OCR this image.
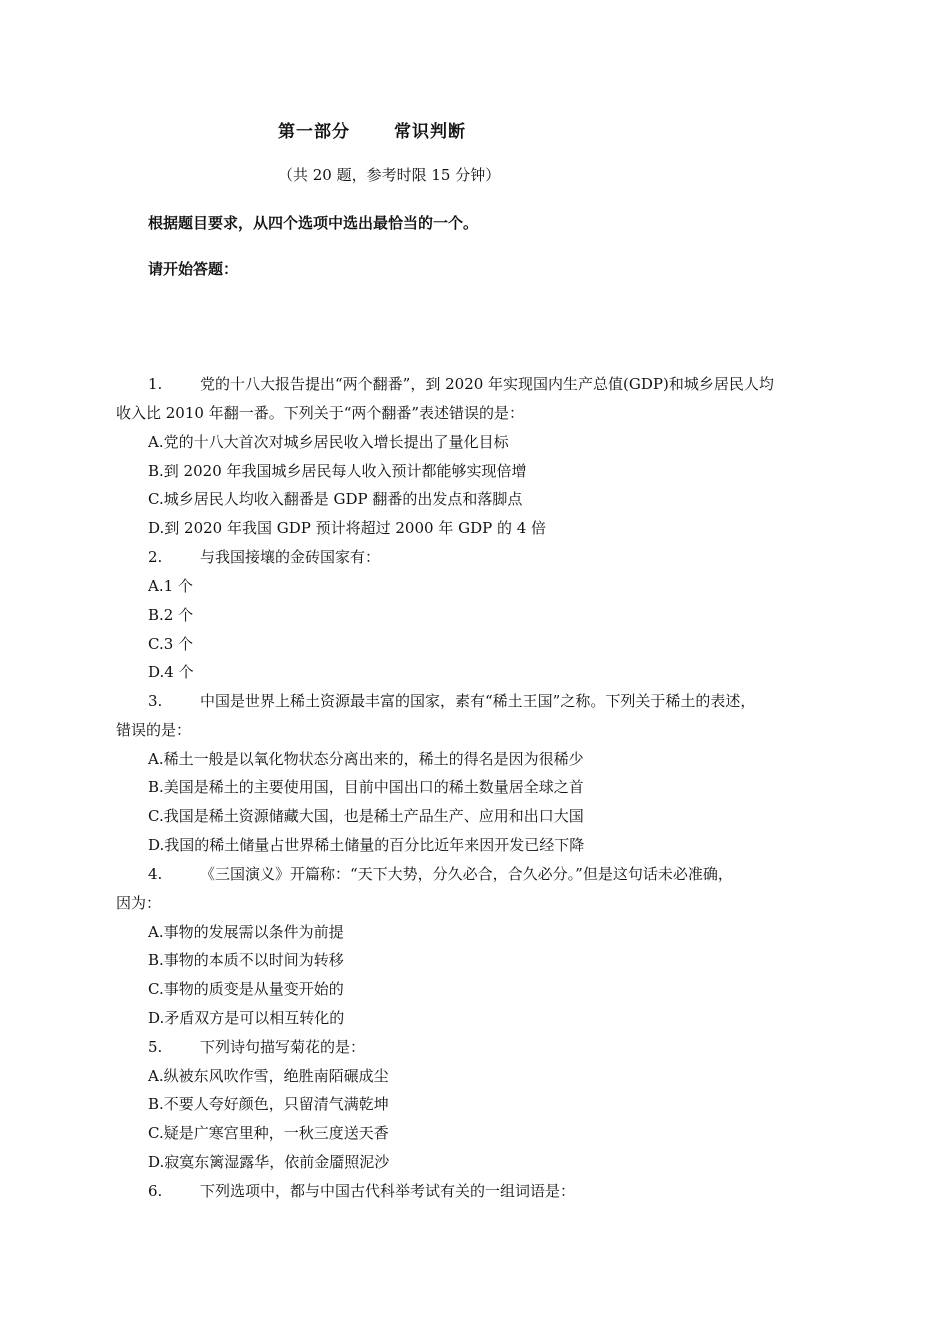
第一部分	常识判断
（共 20 题，参考时限 15 分钟）
根据题目要求，从四个选项中选出最恰当的一个。
请开始答题：
1.	党的十八大报告提出“两个翻番”，到 2020 年实现国内生产总值(GDP)和城乡居民人均
收入比 2010 年翻一番。下列关于“两个翻番”表述错误的是：
A.党的十八大首次对城乡居民收入增长提出了量化目标
B.到 2020 年我国城乡居民每人收入预计都能够实现倍增
C.城乡居民人均收入翻番是 GDP 翻番的出发点和落脚点
D.到 2020 年我国 GDP 预计将超过 2000 年 GDP 的 4 倍
2.	与我国接壤的金砖国家有：
A.1 个
B.2 个
C.3 个
D.4 个
3.	中国是世界上稀土资源最丰富的国家，素有“稀土王国”之称。下列关于稀土的表述，
错误的是：
A.稀土一般是以氧化物状态分离出来的，稀土的得名是因为很稀少
B.美国是稀土的主要使用国，目前中国出口的稀土数量居全球之首
C.我国是稀土资源储藏大国，也是稀土产品生产、应用和出口大国
D.我国的稀土储量占世界稀土储量的百分比近年来因开发已经下降
4.	《三国演义》开篇称：“天下大势，分久必合，合久必分。”但是这句话未必准确，
因为：
A.事物的发展需以条件为前提
B.事物的本质不以时间为转移
C.事物的质变是从量变开始的
D.矛盾双方是可以相互转化的
5.	下列诗句描写菊花的是：
A.纵被东风吹作雪，绝胜南陌碾成尘
B.不要人夸好颜色，只留清气满乾坤
C.疑是广寒宫里种，一秋三度送天香
D.寂寞东篱湿露华，依前金靥照泥沙
6.	下列选项中，都与中国古代科举考试有关的一组词语是：
